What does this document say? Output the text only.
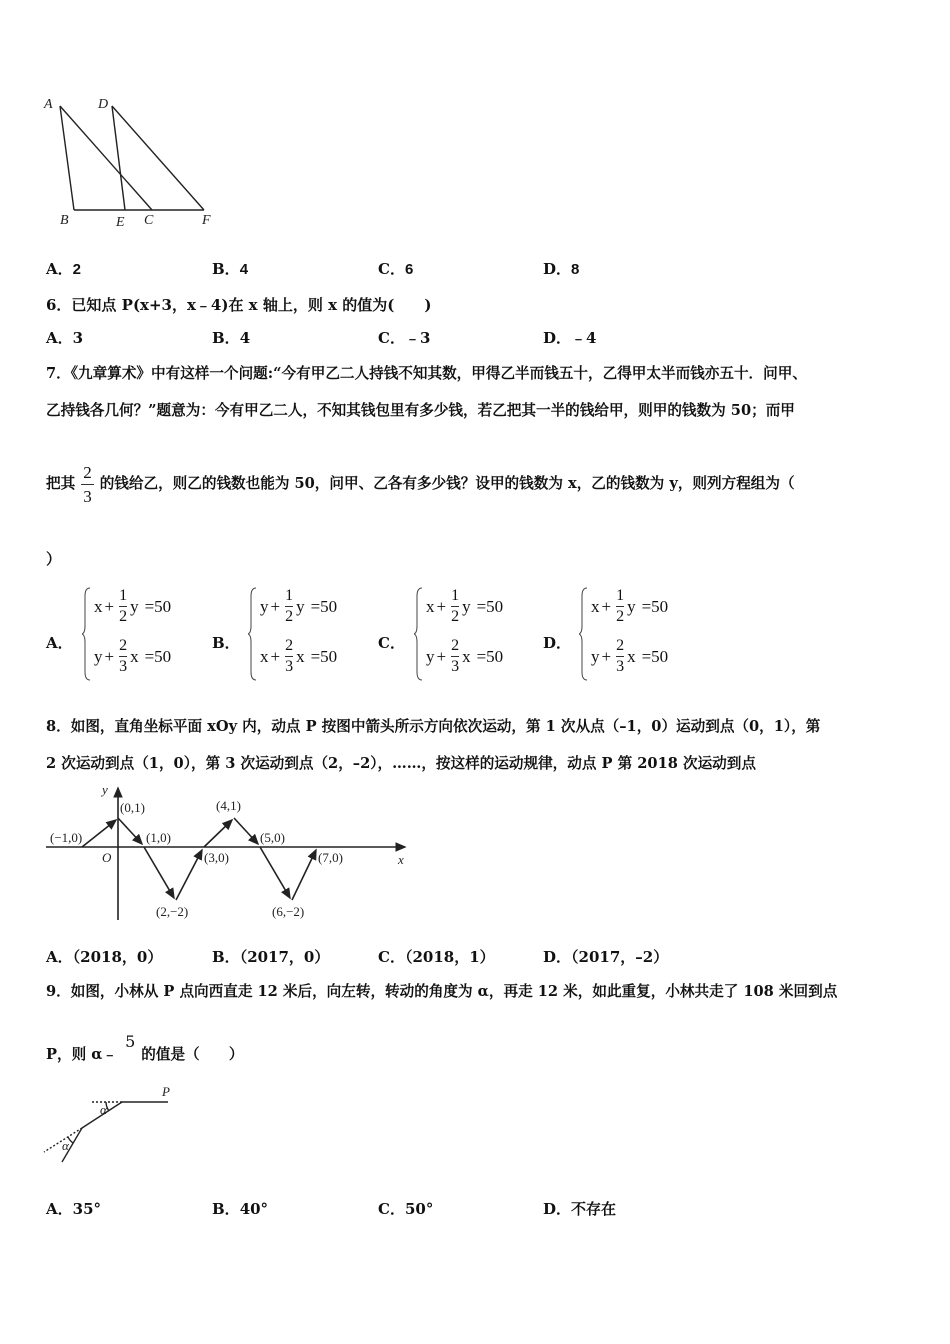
A	D
B	E C	F
A．2	B．4	C．6	D．8
6．已知点 P(x+3，x﹣4)在 x 轴上，则 x 的值为(　　)
A．3	B．4	C．﹣3	D．﹣4
7．《九章算术》中有这样一个问题:“今有甲乙二人持钱不知其数，甲得乙半而钱五十，乙得甲太半而钱亦五十．问甲、
乙持钱各几何？”题意为：今有甲乙二人，不知其钱包里有多少钱，若乙把其一半的钱给甲，则甲的钱数为 50；而甲
把其 $\frac{2}{3}$ 的钱给乙，则乙的钱数也能为 50，问甲、乙各有多少钱？设甲的钱数为 x，乙的钱数为 y，则列方程组为（
）
A．
$x + \frac{1}{2}$ y =50
$y + \frac{2}{3}$ x =50
B．
$y + \frac{1}{2}$ y =50
$x + \frac{2}{3}$ x =50
C．
$x + \frac{1}{2}$ y =50
$y + \frac{2}{3}$ x =50
D．
$x + \frac{1}{2}$ y =50
$y + \frac{2}{3}$ x =50
8．如图，直角坐标平面 xOy 内，动点 P 按图中箭头所示方向依次运动，第 1 次从点（–1，0）运动到点（0，1），第
2 次运动到点（1，0），第 3 次运动到点（2，–2），……，按这样的运动规律，动点 P 第 2018 次运动到点
y
x
O
(−1,0)
(0,1)
(1,0)
(2,−2)
(3,0)
(4,1)
(5,0)
(6,−2)
(7,0)
A．（2018，0）	B．（2017，0）	C．（2018，1）	D．（2017，–2）
9．如图，小林从 P 点向西直走 12 米后，向左转，转动的角度为 α，再走 12 米，如此重复，小林共走了 108 米回到点
P，则 α﹣5的值是（　　）
P
α
α
A．35°	B．40°	C．50°	D．不存在
